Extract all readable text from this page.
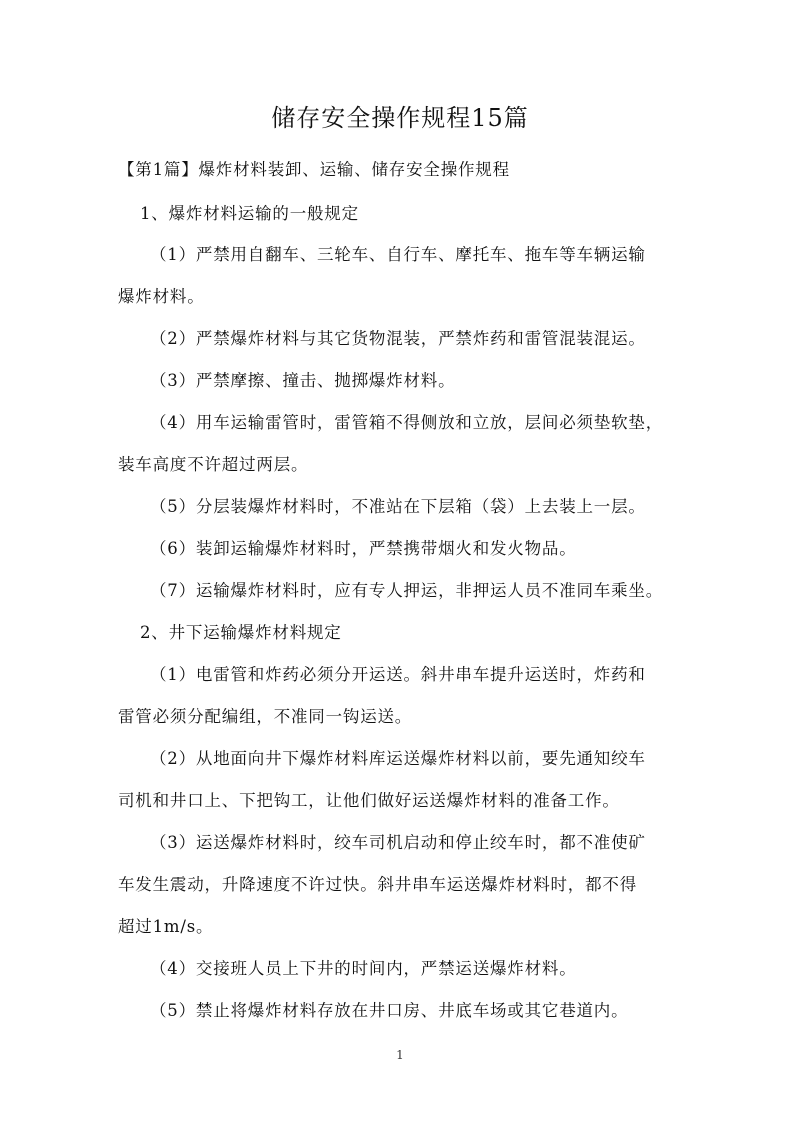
储存安全操作规程15篇
【第1篇】爆炸材料装卸、运输、储存安全操作规程
1、爆炸材料运输的一般规定
（1）严禁用自翻车、三轮车、自行车、摩托车、拖车等车辆运输
爆炸材料。
（2）严禁爆炸材料与其它货物混装，严禁炸药和雷管混装混运。
（3）严禁摩擦、撞击、抛掷爆炸材料。
（4）用车运输雷管时，雷管箱不得侧放和立放，层间必须垫软垫，
装车高度不许超过两层。
（5）分层装爆炸材料时，不准站在下层箱（袋）上去装上一层。
（6）装卸运输爆炸材料时，严禁携带烟火和发火物品。
（7）运输爆炸材料时，应有专人押运，非押运人员不准同车乘坐。
2、井下运输爆炸材料规定
（1）电雷管和炸药必须分开运送。斜井串车提升运送时，炸药和
雷管必须分配编组，不准同一钩运送。
（2）从地面向井下爆炸材料库运送爆炸材料以前，要先通知绞车
司机和井口上、下把钩工，让他们做好运送爆炸材料的准备工作。
（3）运送爆炸材料时，绞车司机启动和停止绞车时，都不准使矿
车发生震动，升降速度不许过快。斜井串车运送爆炸材料时，都不得
超过1m/s。
（4）交接班人员上下井的时间内，严禁运送爆炸材料。
（5）禁止将爆炸材料存放在井口房、井底车场或其它巷道内。
1
